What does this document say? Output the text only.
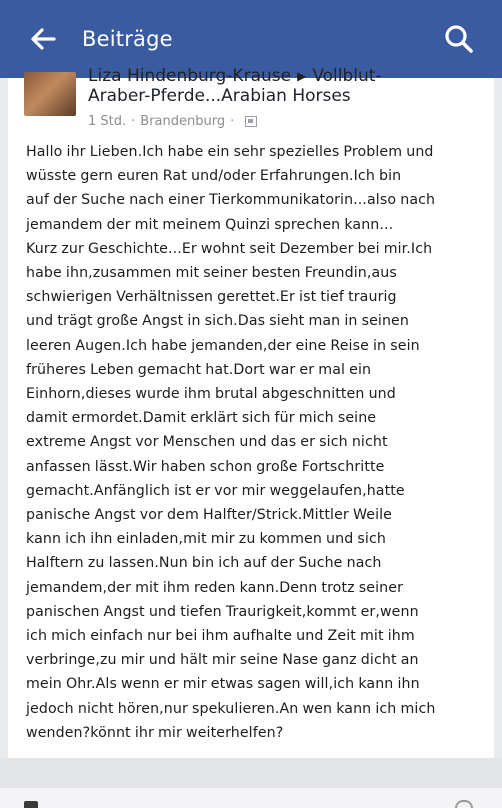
Beiträge
Liza Hindenburg-Krause ▶ Vollblut-
Araber-Pferde...Arabian Horses
1 Std. · Brandenburg ·
Hallo ihr Lieben.Ich habe ein sehr spezielles Problem und
wüsste gern euren Rat und/oder Erfahrungen.Ich bin
auf der Suche nach einer Tierkommunikatorin...also nach
jemandem der mit meinem Quinzi sprechen kann...
Kurz zur Geschichte...Er wohnt seit Dezember bei mir.Ich
habe ihn,zusammen mit seiner besten Freundin,aus
schwierigen Verhältnissen gerettet.Er ist tief traurig
und trägt große Angst in sich.Das sieht man in seinen
leeren Augen.Ich habe jemanden,der eine Reise in sein
früheres Leben gemacht hat.Dort war er mal ein
Einhorn,dieses wurde ihm brutal abgeschnitten und
damit ermordet.Damit erklärt sich für mich seine
extreme Angst vor Menschen und das er sich nicht
anfassen lässt.Wir haben schon große Fortschritte
gemacht.Anfänglich ist er vor mir weggelaufen,hatte
panische Angst vor dem Halfter/Strick.Mittler Weile
kann ich ihn einladen,mit mir zu kommen und sich
Halftern zu lassen.Nun bin ich auf der Suche nach
jemandem,der mit ihm reden kann.Denn trotz seiner
panischen Angst und tiefen Traurigkeit,kommt er,wenn
ich mich einfach nur bei ihm aufhalte und Zeit mit ihm
verbringe,zu mir und hält mir seine Nase ganz dicht an
mein Ohr.Als wenn er mir etwas sagen will,ich kann ihn
jedoch nicht hören,nur spekulieren.An wen kann ich mich
wenden?könnt ihr mir weiterhelfen?
